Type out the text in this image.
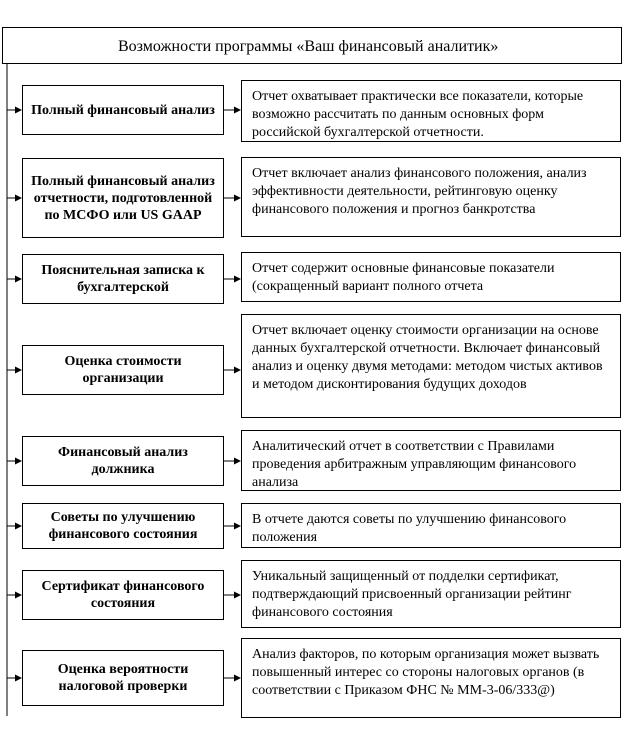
Возможности программы «Ваш финансовый аналитик»
Полный финансовый анализ
Отчет охватывает практически все показатели, которые возможно рассчитать по данным основных форм российской бухгалтерской отчетности.
Полный финансовый анализ отчетности, подготовленной по МСФО или US GAAP
Отчет включает анализ финансового положения, анализ эффективности деятельности, рейтинговую оценку финансового положения и прогноз банкротства
Пояснительная записка к бухгалтерской
Отчет содержит основные финансовые показатели (сокращенный вариант полного отчета
Оценка стоимости организации
Отчет включает оценку стоимости организации на основе данных бухгалтерской отчетности. Включает финансовый анализ и оценку двумя методами: методом чистых активов и методом дисконтирования будущих доходов
Финансовый анализ должника
Аналитический отчет в соответствии с Правилами проведения арбитражным управляющим финансового анализа
Советы по улучшению финансового состояния
В отчете даются советы по улучшению финансового положения
Сертификат финансового состояния
Уникальный защищенный от подделки сертификат, подтверждающий присвоенный организации рейтинг финансового состояния
Оценка вероятности налоговой проверки
Анализ факторов, по которым организация может вызвать повышенный интерес со стороны налоговых органов (в соответствии с Приказом ФНС № ММ-3-06/333@)
